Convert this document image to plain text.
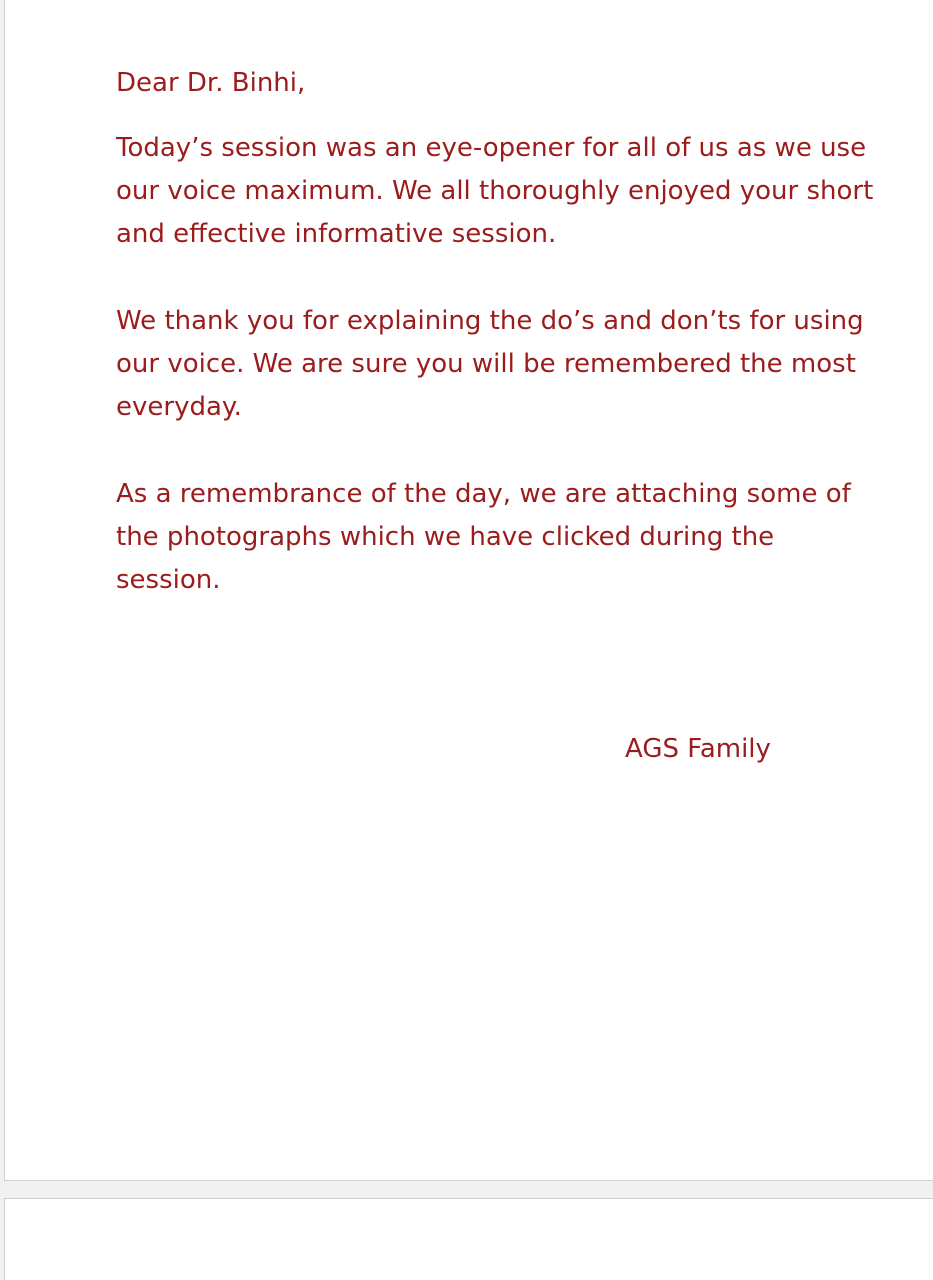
Dear Dr. Binhi,
Today’s session was an eye-opener for all of us as we use our voice maximum. We all thoroughly enjoyed your short and effective informative session.
We thank you for explaining the do’s and don’ts for using our voice. We are sure you will be remembered the most everyday.
As a remembrance of the day, we are attaching some of the photographs which we have clicked during the session.
AGS Family
